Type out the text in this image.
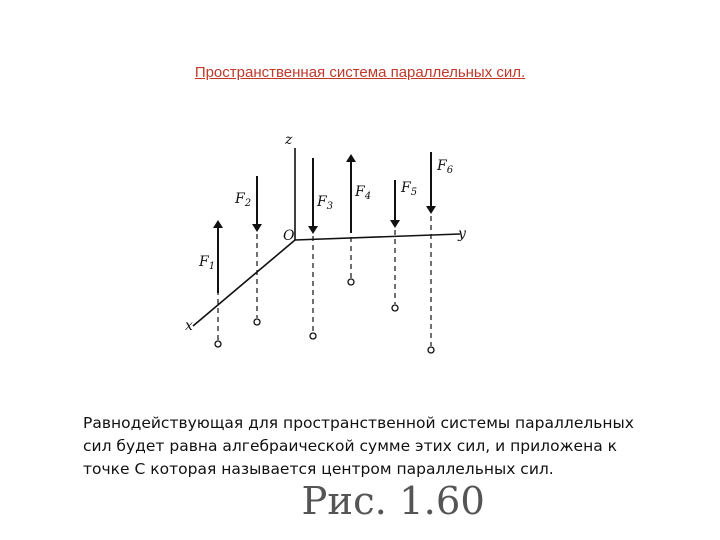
Пространственная система параллельных сил.
z
y
x
O
$F_1$
$F_2$	$F_3$
$F_4$
$F_5$
$F_6$
Рис. 1.60
Равнодействующая для пространственной системы параллельных сил будет равна алгебраической сумме этих сил, и приложена к точке С которая называется центром параллельных сил.
